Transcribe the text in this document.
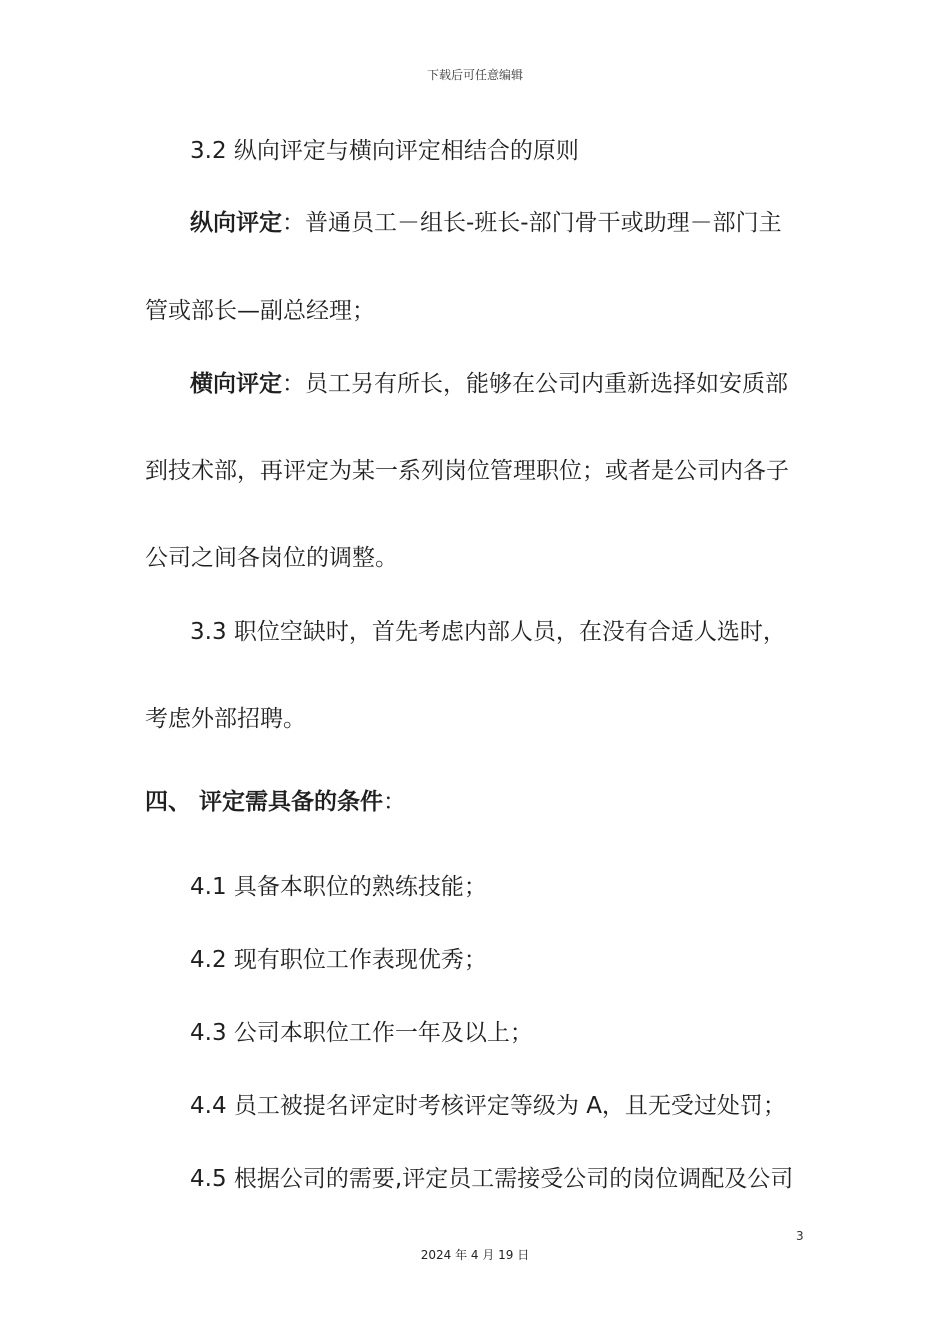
下载后可任意编辑
3.2 纵向评定与横向评定相结合的原则
纵向评定：普通员工－组长-班长-部门骨干或助理－部门主
管或部长—副总经理；
横向评定：员工另有所长，能够在公司内重新选择如安质部
到技术部，再评定为某一系列岗位管理职位；或者是公司内各子
公司之间各岗位的调整。
3.3 职位空缺时，首先考虑内部人员，在没有合适人选时，
考虑外部招聘。
四、 评定需具备的条件：
4.1 具备本职位的熟练技能；
4.2 现有职位工作表现优秀；
4.3 公司本职位工作一年及以上；
4.4 员工被提名评定时考核评定等级为 A，且无受过处罚；
4.5 根据公司的需要,评定员工需接受公司的岗位调配及公司
3
2024 年 4 月 19 日
